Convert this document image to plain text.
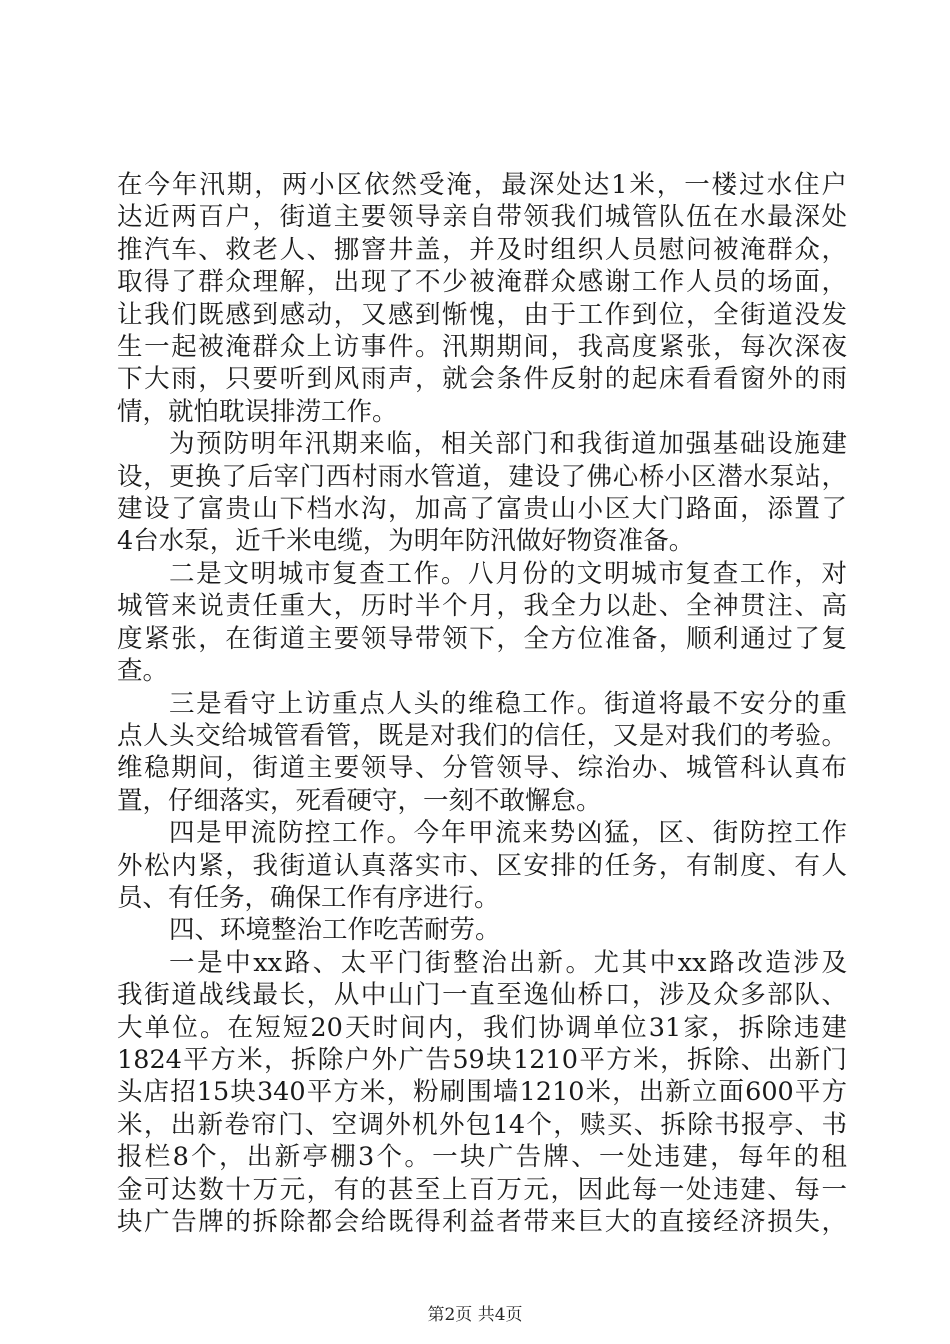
在今年汛期，两小区依然受淹，最深处达1米，一楼过水住户
达近两百户，街道主要领导亲自带领我们城管队伍在水最深处
推汽车、救老人、挪窨井盖，并及时组织人员慰问被淹群众，
取得了群众理解，出现了不少被淹群众感谢工作人员的场面，
让我们既感到感动，又感到惭愧，由于工作到位，全街道没发
生一起被淹群众上访事件。汛期期间，我高度紧张，每次深夜
下大雨，只要听到风雨声，就会条件反射的起床看看窗外的雨
情，就怕耽误排涝工作。
为预防明年汛期来临，相关部门和我街道加强基础设施建
设，更换了后宰门西村雨水管道，建设了佛心桥小区潜水泵站，
建设了富贵山下档水沟，加高了富贵山小区大门路面，添置了
4台水泵，近千米电缆，为明年防汛做好物资准备。
二是文明城市复查工作。八月份的文明城市复查工作，对
城管来说责任重大，历时半个月，我全力以赴、全神贯注、高
度紧张，在街道主要领导带领下，全方位准备，顺利通过了复
查。
三是看守上访重点人头的维稳工作。街道将最不安分的重
点人头交给城管看管，既是对我们的信任，又是对我们的考验。
维稳期间，街道主要领导、分管领导、综治办、城管科认真布
置，仔细落实，死看硬守，一刻不敢懈怠。
四是甲流防控工作。今年甲流来势凶猛，区、街防控工作
外松内紧，我街道认真落实市、区安排的任务，有制度、有人
员、有任务，确保工作有序进行。
四、环境整治工作吃苦耐劳。
一是中xx路、太平门街整治出新。尤其中xx路改造涉及
我街道战线最长，从中山门一直至逸仙桥口，涉及众多部队、
大单位。在短短20天时间内，我们协调单位31家，拆除违建
1824平方米，拆除户外广告59块1210平方米，拆除、出新门
头店招15块340平方米，粉刷围墙1210米，出新立面600平方
米，出新卷帘门、空调外机外包14个，赎买、拆除书报亭、书
报栏8个，出新亭棚3个。一块广告牌、一处违建，每年的租
金可达数十万元，有的甚至上百万元，因此每一处违建、每一
块广告牌的拆除都会给既得利益者带来巨大的直接经济损失，
第2页 共4页
